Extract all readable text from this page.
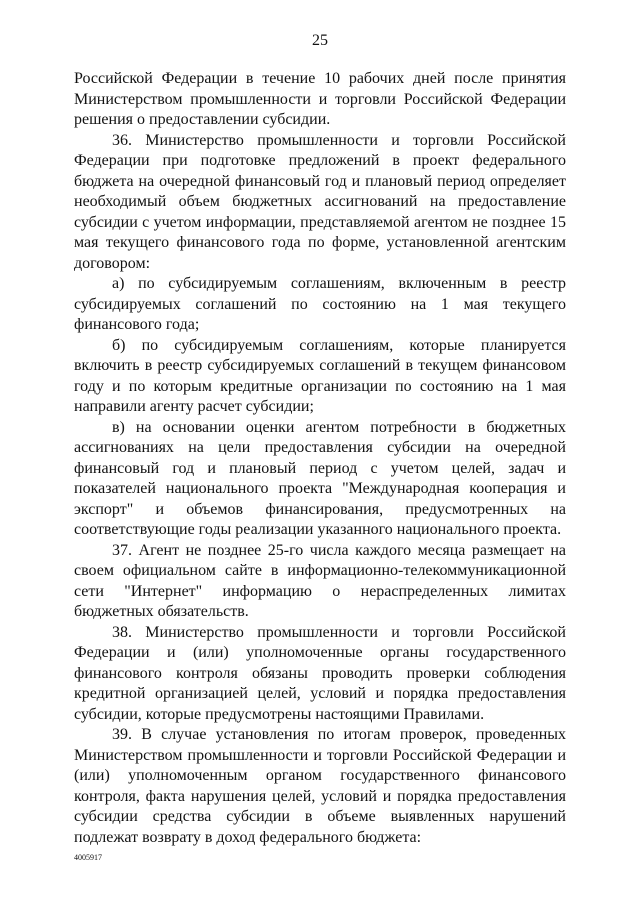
25

Российской Федерации в течение 10 рабочих дней после принятия Министерством промышленности и торговли Российской Федерации решения о предоставлении субсидии.

36. Министерство промышленности и торговли Российской Федерации при подготовке предложений в проект федерального бюджета на очередной финансовый год и плановый период определяет необходимый объем бюджетных ассигнований на предоставление субсидии с учетом информации, представляемой агентом не позднее 15 мая текущего финансового года по форме, установленной агентским договором:

а) по субсидируемым соглашениям, включенным в реестр субсидируемых соглашений по состоянию на 1 мая текущего финансового года;

б) по субсидируемым соглашениям, которые планируется включить в реестр субсидируемых соглашений в текущем финансовом году и по которым кредитные организации по состоянию на 1 мая направили агенту расчет субсидии;

в) на основании оценки агентом потребности в бюджетных ассигнованиях на цели предоставления субсидии на очередной финансовый год и плановый период с учетом целей, задач и показателей национального проекта "Международная кооперация и экспорт" и объемов финансирования, предусмотренных на соответствующие годы реализации указанного национального проекта.

37. Агент не позднее 25-го числа каждого месяца размещает на своем официальном сайте в информационно-телекоммуникационной сети "Интернет" информацию о нераспределенных лимитах бюджетных обязательств.

38. Министерство промышленности и торговли Российской Федерации и (или) уполномоченные органы государственного финансового контроля обязаны проводить проверки соблюдения кредитной организацией целей, условий и порядка предоставления субсидии, которые предусмотрены настоящими Правилами.

39. В случае установления по итогам проверок, проведенных Министерством промышленности и торговли Российской Федерации и (или) уполномоченным органом государственного финансового контроля, факта нарушения целей, условий и порядка предоставления субсидии средства субсидии в объеме выявленных нарушений подлежат возврату в доход федерального бюджета:

4005917
